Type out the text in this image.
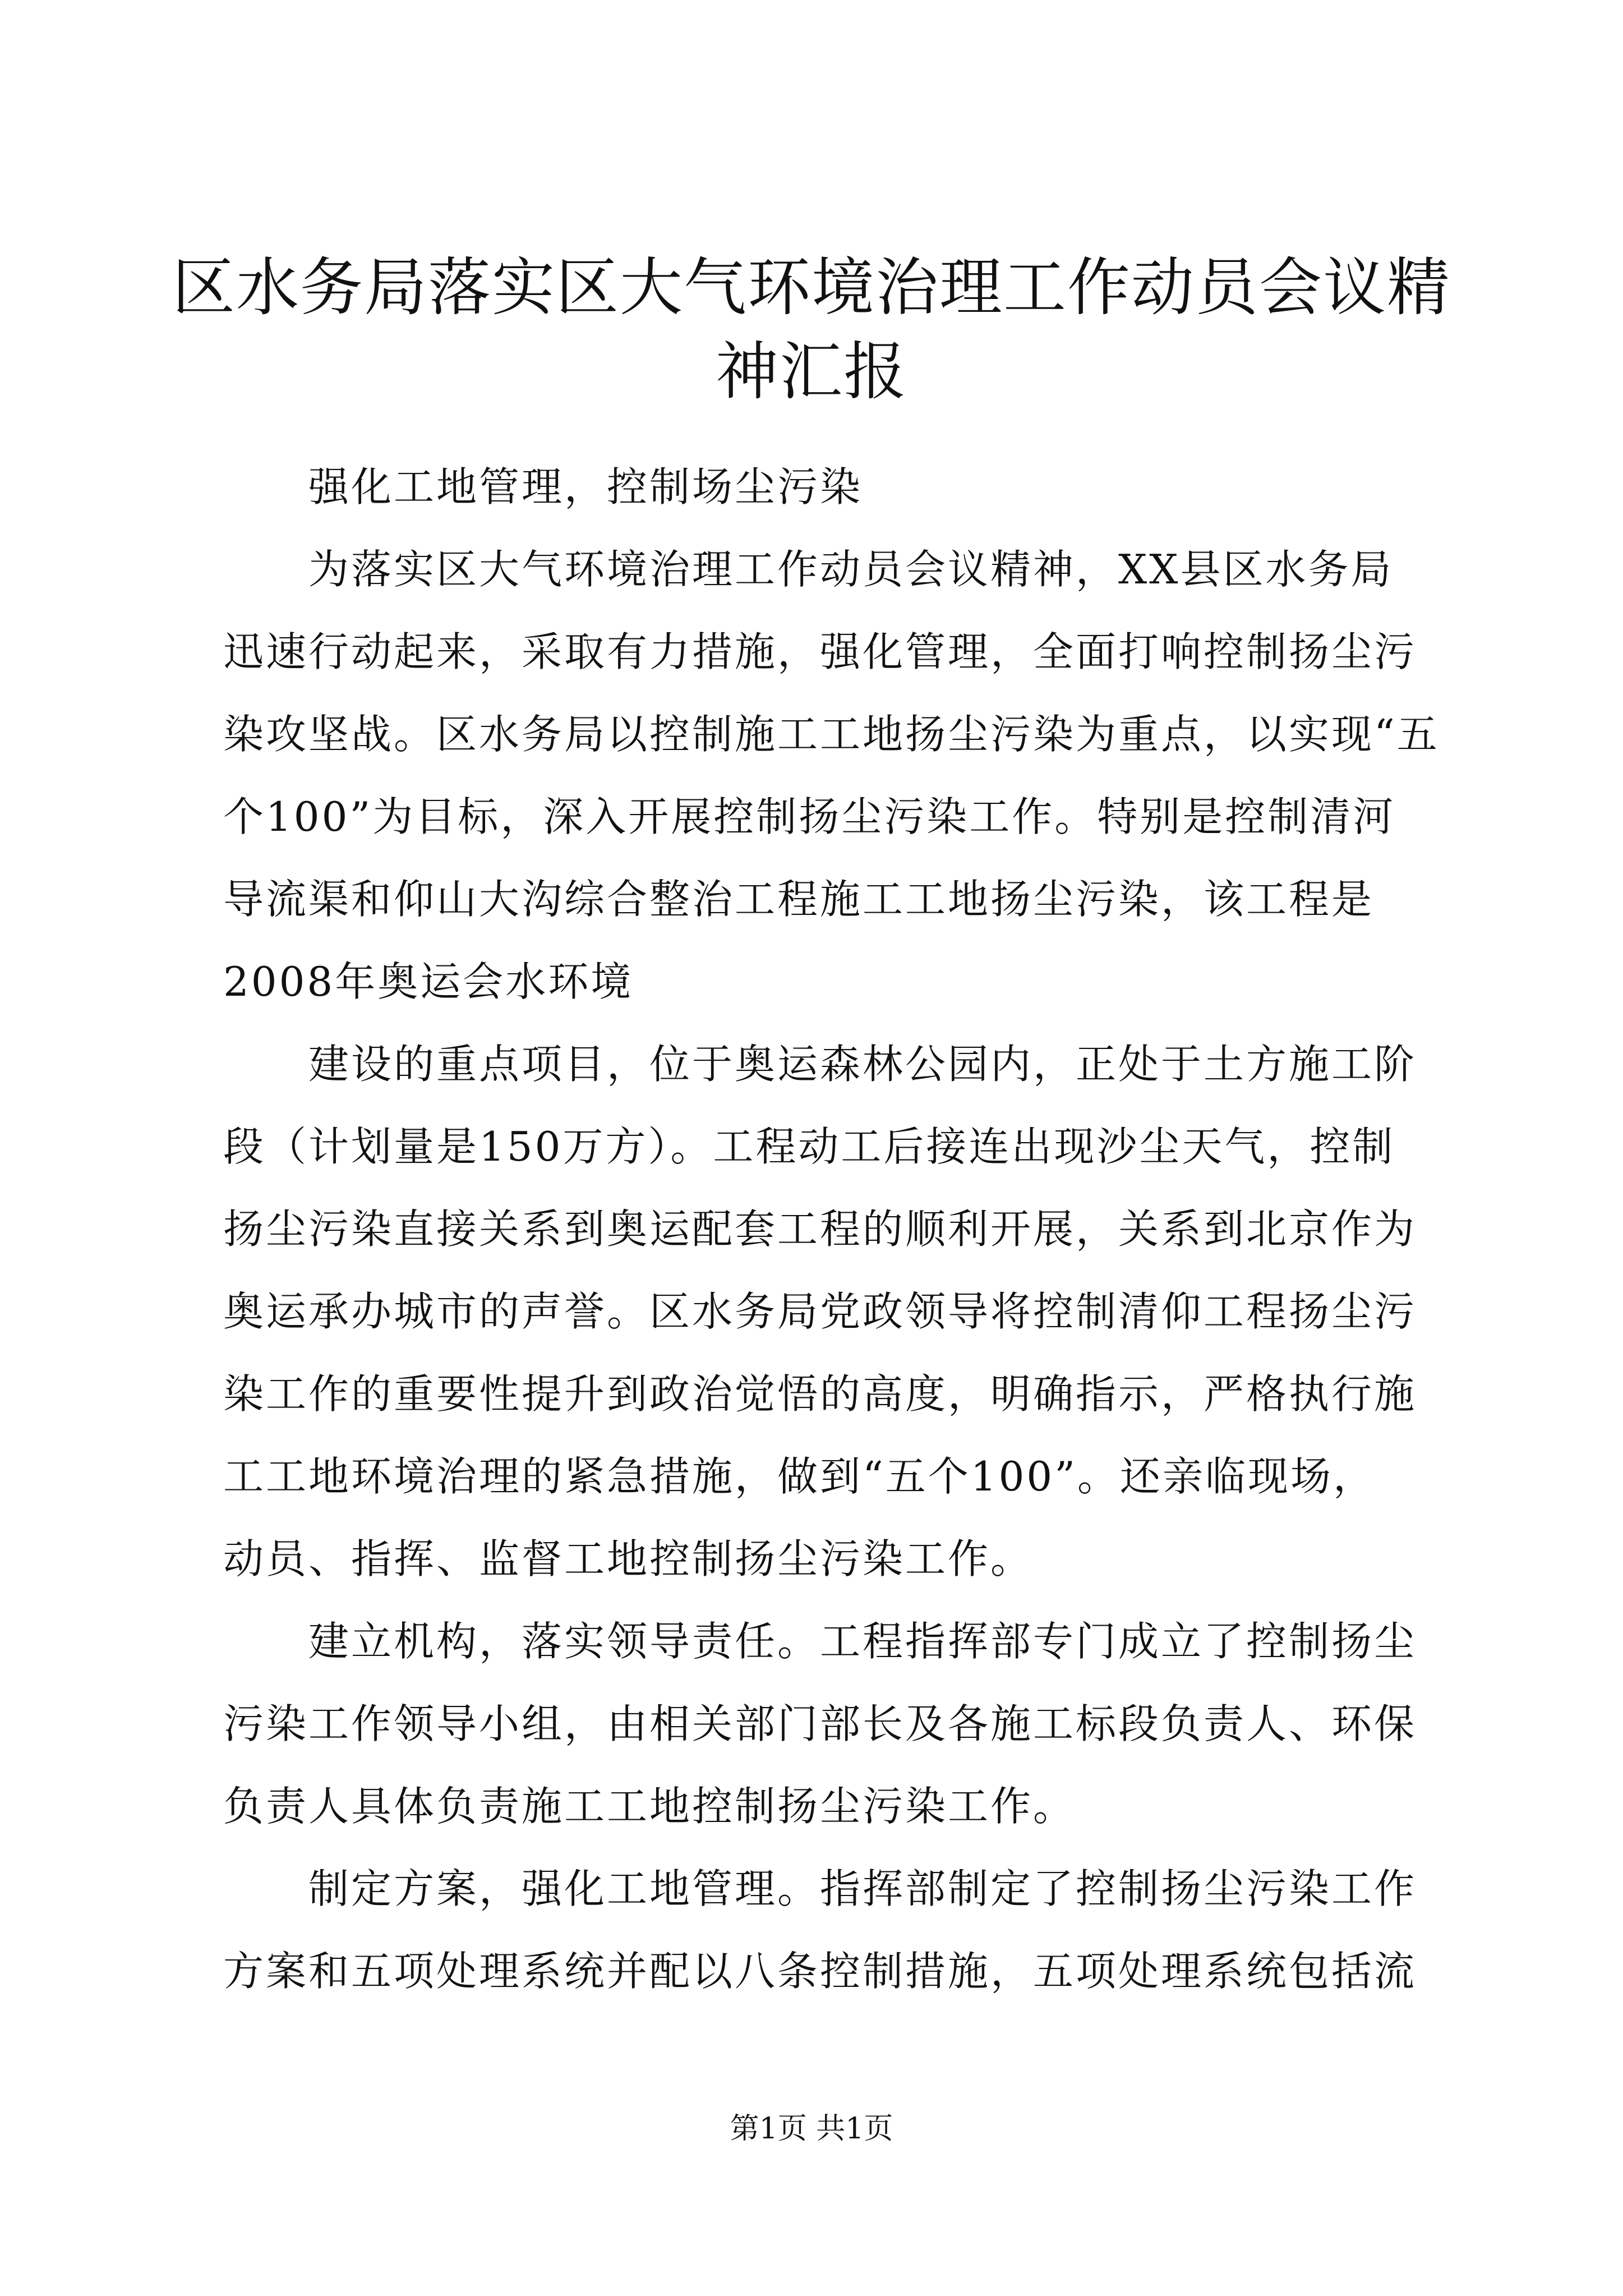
区水务局落实区大气环境治理工作动员会议精
神汇报

　　强化工地管理，控制场尘污染

　　为落实区大气环境治理工作动员会议精神，XX县区水务局

迅速行动起来，采取有力措施，强化管理，全面打响控制扬尘污

染攻坚战。区水务局以控制施工工地扬尘污染为重点，以实现“五

个100”为目标，深入开展控制扬尘污染工作。特别是控制清河

导流渠和仰山大沟综合整治工程施工工地扬尘污染，该工程是

2008年奥运会水环境

　　建设的重点项目，位于奥运森林公园内，正处于土方施工阶

段（计划量是150万方）。工程动工后接连出现沙尘天气，控制

扬尘污染直接关系到奥运配套工程的顺利开展，关系到北京作为

奥运承办城市的声誉。区水务局党政领导将控制清仰工程扬尘污

染工作的重要性提升到政治觉悟的高度，明确指示，严格执行施

工工地环境治理的紧急措施，做到“五个100”。还亲临现场，

动员、指挥、监督工地控制扬尘污染工作。

　　建立机构，落实领导责任。工程指挥部专门成立了控制扬尘

污染工作领导小组，由相关部门部长及各施工标段负责人、环保

负责人具体负责施工工地控制扬尘污染工作。

　　制定方案，强化工地管理。指挥部制定了控制扬尘污染工作

方案和五项处理系统并配以八条控制措施，五项处理系统包括流

第1页 共1页
